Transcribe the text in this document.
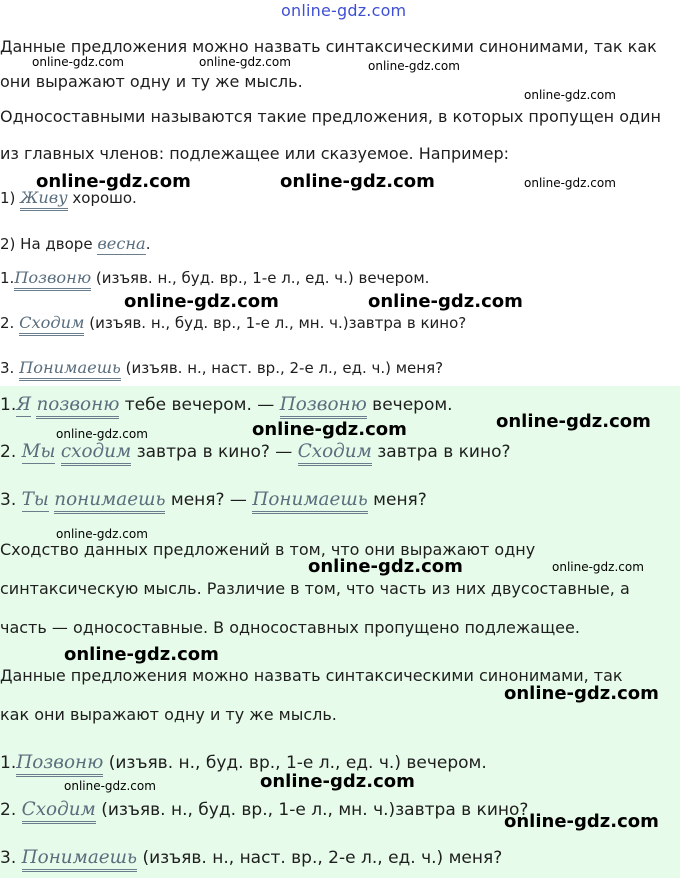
online-gdz.com
Данные предложения можно назвать синтаксическими синонимами, так как
они выражают одну и ту же мысль.
Односоставными называются такие предложения, в которых пропущен один
из главных членов: подлежащее или сказуемое. Например:
1) Живу хорошо.
2) На дворе весна.
1.Позвоню (изъяв. н., буд. вр., 1-е л., ед. ч.) вечером.
2. Сходим (изъяв. н., буд. вр., 1-е л., мн. ч.)завтра в кино?
3. Понимаешь (изъяв. н., наст. вр., 2-е л., ед. ч.) меня?
1.Я позвоню тебе вечером. — Позвоню вечером.
2. Мы сходим завтра в кино? — Сходим завтра в кино?
3. Ты понимаешь меня? — Понимаешь меня?
Сходство данных предложений в том, что они выражают одну
синтаксическую мысль. Различие в том, что часть из них двусоставные, а
часть — односоставные. В односоставных пропущено подлежащее.
Данные предложения можно назвать синтаксическими синонимами, так
как они выражают одну и ту же мысль.
1.Позвоню (изъяв. н., буд. вр., 1-е л., ед. ч.) вечером.
2. Сходим (изъяв. н., буд. вр., 1-е л., мн. ч.)завтра в кино?
3. Понимаешь (изъяв. н., наст. вр., 2-е л., ед. ч.) меня?
online-gdz.com	online-gdz.com	online-gdz.com
online-gdz.com
online-gdz.com	online-gdz.com	online-gdz.com
online-gdz.com	online-gdz.com
online-gdz.com
online-gdz.com	online-gdz.com
online-gdz.com
online-gdz.com	online-gdz.com
online-gdz.com
online-gdz.com
online-gdz.com
online-gdz.com
online-gdz.com
